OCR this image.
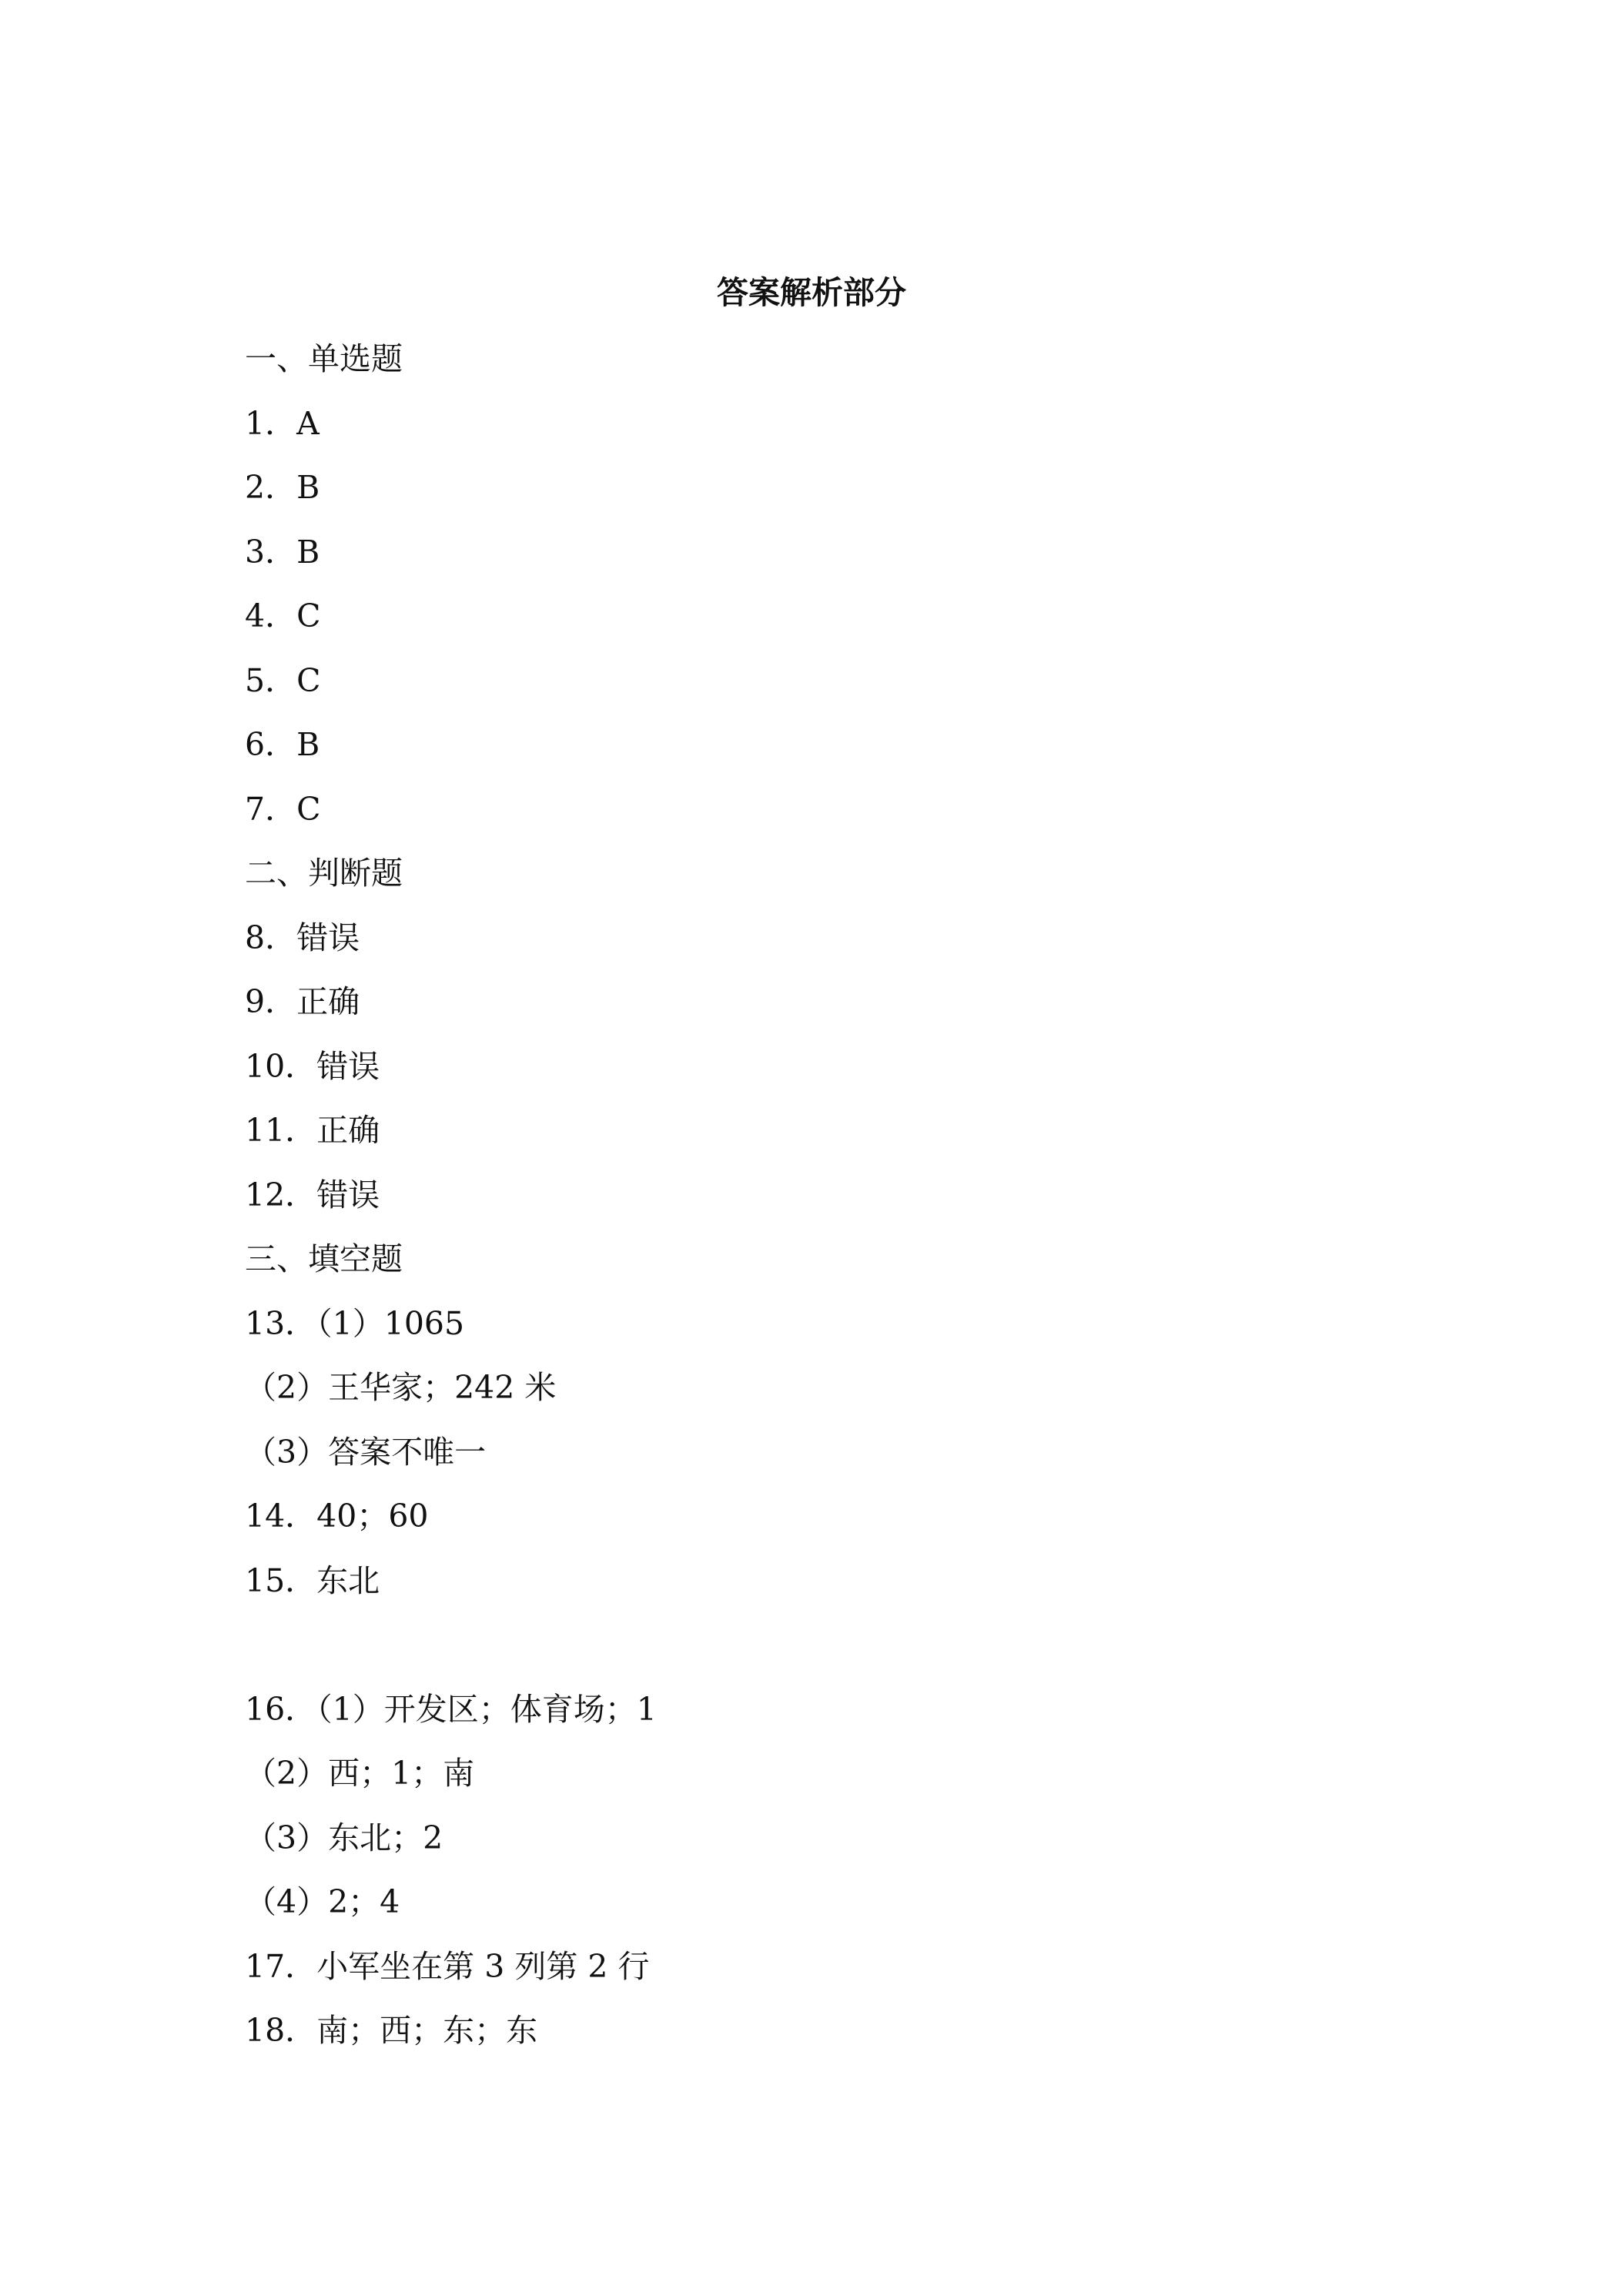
答案解析部分
一、单选题
1．A
2．B
3．B
4．C
5．C
6．B
7．C
二、判断题
8．错误
9．正确
10．错误
11．正确
12．错误
三、填空题
13．（1）1065
（2）王华家；242 米
（3）答案不唯一
14．40；60
15．东北
16．（1）开发区；体育场；1
（2）西；1；南
（3）东北；2
（4）2；4
17．小军坐在第 3 列第 2 行
18．南；西；东；东
